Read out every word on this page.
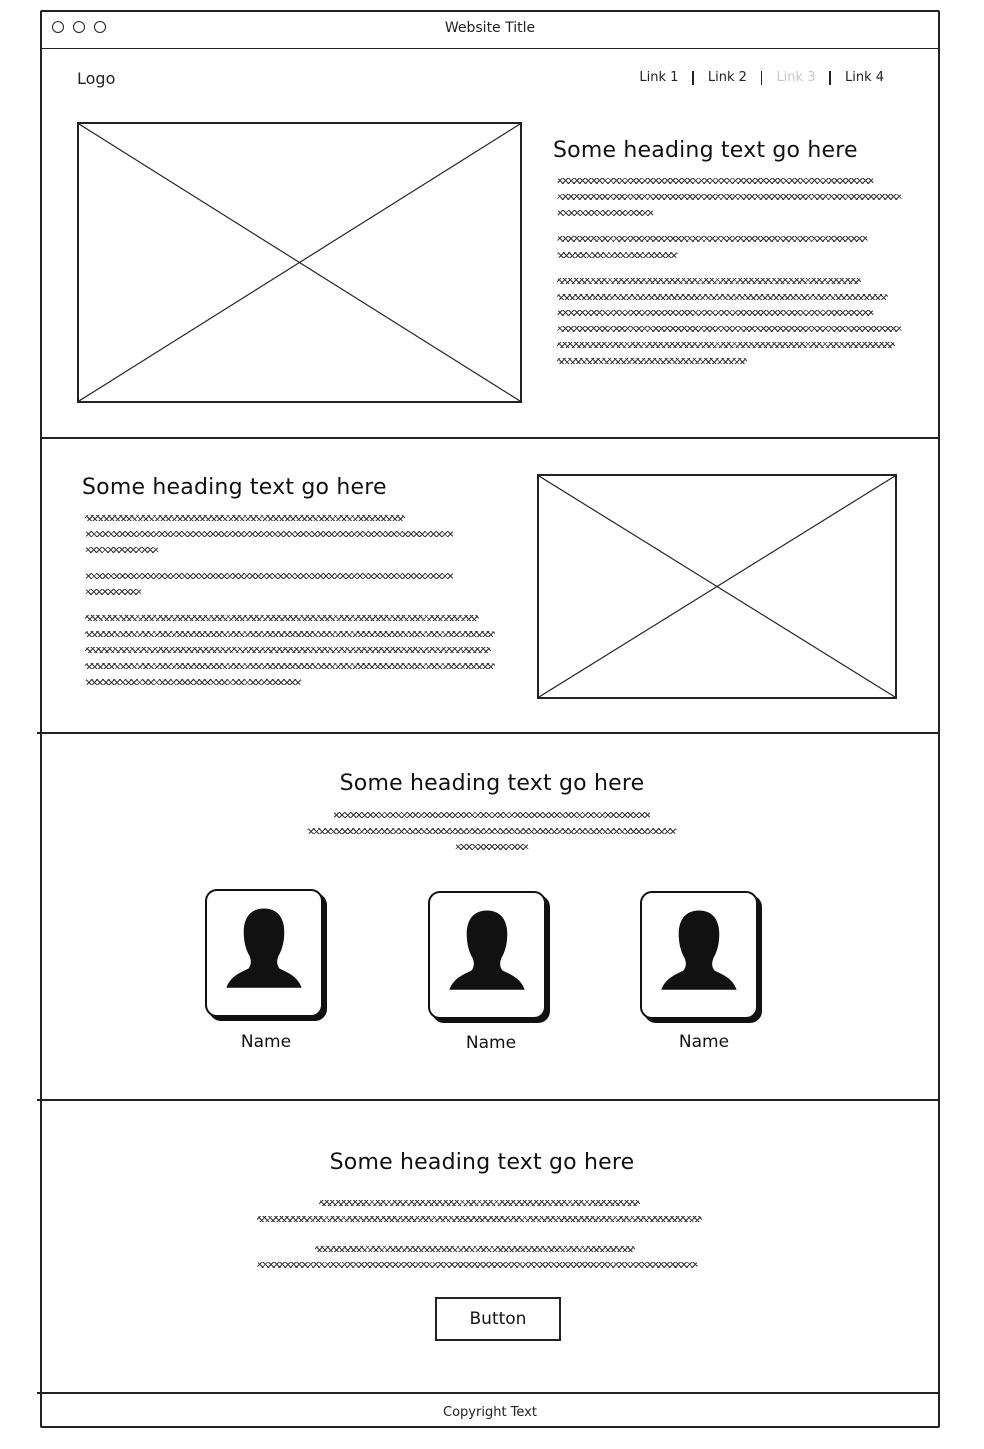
Website Title
Logo	Link 1	Link 2	Link 3	Link 4
Some heading text go here
Some heading text go here
Some heading text go here
Name	Name	Name
Some heading text go here
Button
Copyright Text
